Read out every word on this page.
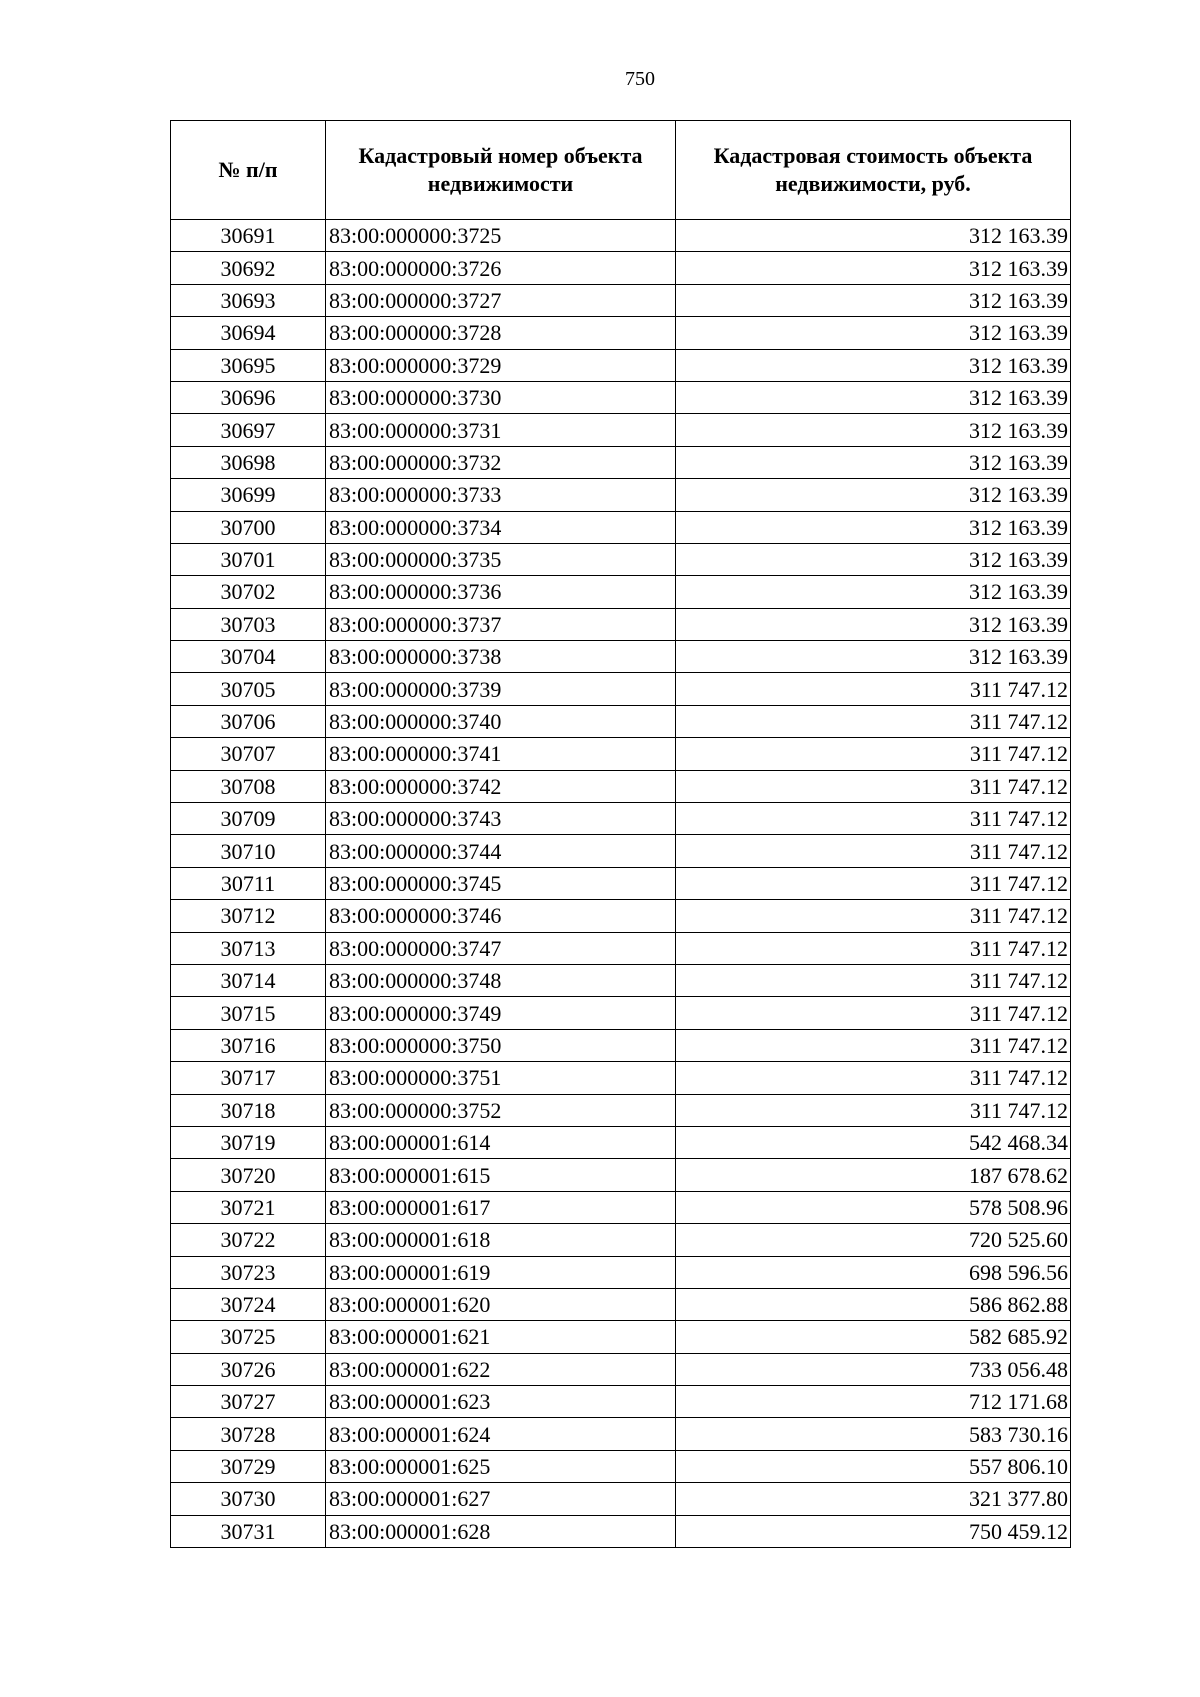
750
№ п/п	Кадастровый номер объекта недвижимости	Кадастровая стоимость объекта недвижимости, руб.
30691	83:00:000000:3725	312 163.39
30692	83:00:000000:3726	312 163.39
30693	83:00:000000:3727	312 163.39
30694	83:00:000000:3728	312 163.39
30695	83:00:000000:3729	312 163.39
30696	83:00:000000:3730	312 163.39
30697	83:00:000000:3731	312 163.39
30698	83:00:000000:3732	312 163.39
30699	83:00:000000:3733	312 163.39
30700	83:00:000000:3734	312 163.39
30701	83:00:000000:3735	312 163.39
30702	83:00:000000:3736	312 163.39
30703	83:00:000000:3737	312 163.39
30704	83:00:000000:3738	312 163.39
30705	83:00:000000:3739	311 747.12
30706	83:00:000000:3740	311 747.12
30707	83:00:000000:3741	311 747.12
30708	83:00:000000:3742	311 747.12
30709	83:00:000000:3743	311 747.12
30710	83:00:000000:3744	311 747.12
30711	83:00:000000:3745	311 747.12
30712	83:00:000000:3746	311 747.12
30713	83:00:000000:3747	311 747.12
30714	83:00:000000:3748	311 747.12
30715	83:00:000000:3749	311 747.12
30716	83:00:000000:3750	311 747.12
30717	83:00:000000:3751	311 747.12
30718	83:00:000000:3752	311 747.12
30719	83:00:000001:614	542 468.34
30720	83:00:000001:615	187 678.62
30721	83:00:000001:617	578 508.96
30722	83:00:000001:618	720 525.60
30723	83:00:000001:619	698 596.56
30724	83:00:000001:620	586 862.88
30725	83:00:000001:621	582 685.92
30726	83:00:000001:622	733 056.48
30727	83:00:000001:623	712 171.68
30728	83:00:000001:624	583 730.16
30729	83:00:000001:625	557 806.10
30730	83:00:000001:627	321 377.80
30731	83:00:000001:628	750 459.12
